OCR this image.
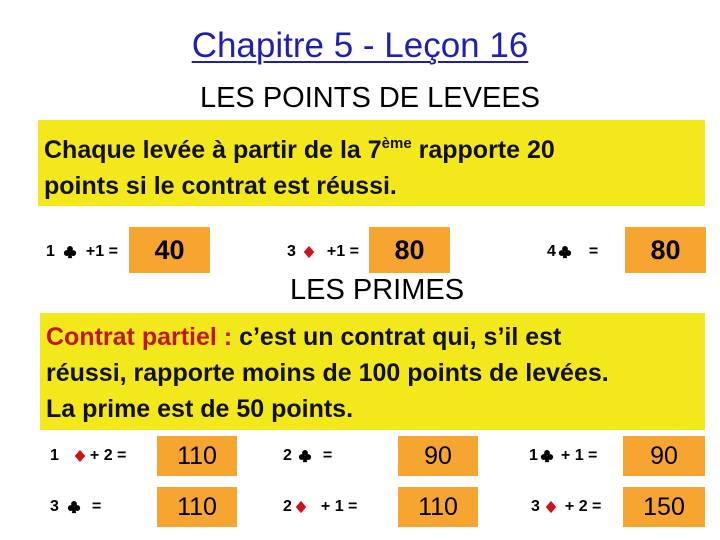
Chapitre 5 - Leçon 16
LES POINTS DE LEVEES
Chaque levée à partir de la 7ème rapporte 20
points si le contrat est réussi.
1 +1 =	40	3 +1 =	80	4 =	80
LES PRIMES
Contrat partiel : c’est un contrat qui, s’il est
réussi, rapporte moins de 100 points de levées.
La prime est de 50 points.
1 + 2 =	110	2 =	90	1 + 1 =	90
3 =	110	2 + 1 =	110	3 + 2 =	150
